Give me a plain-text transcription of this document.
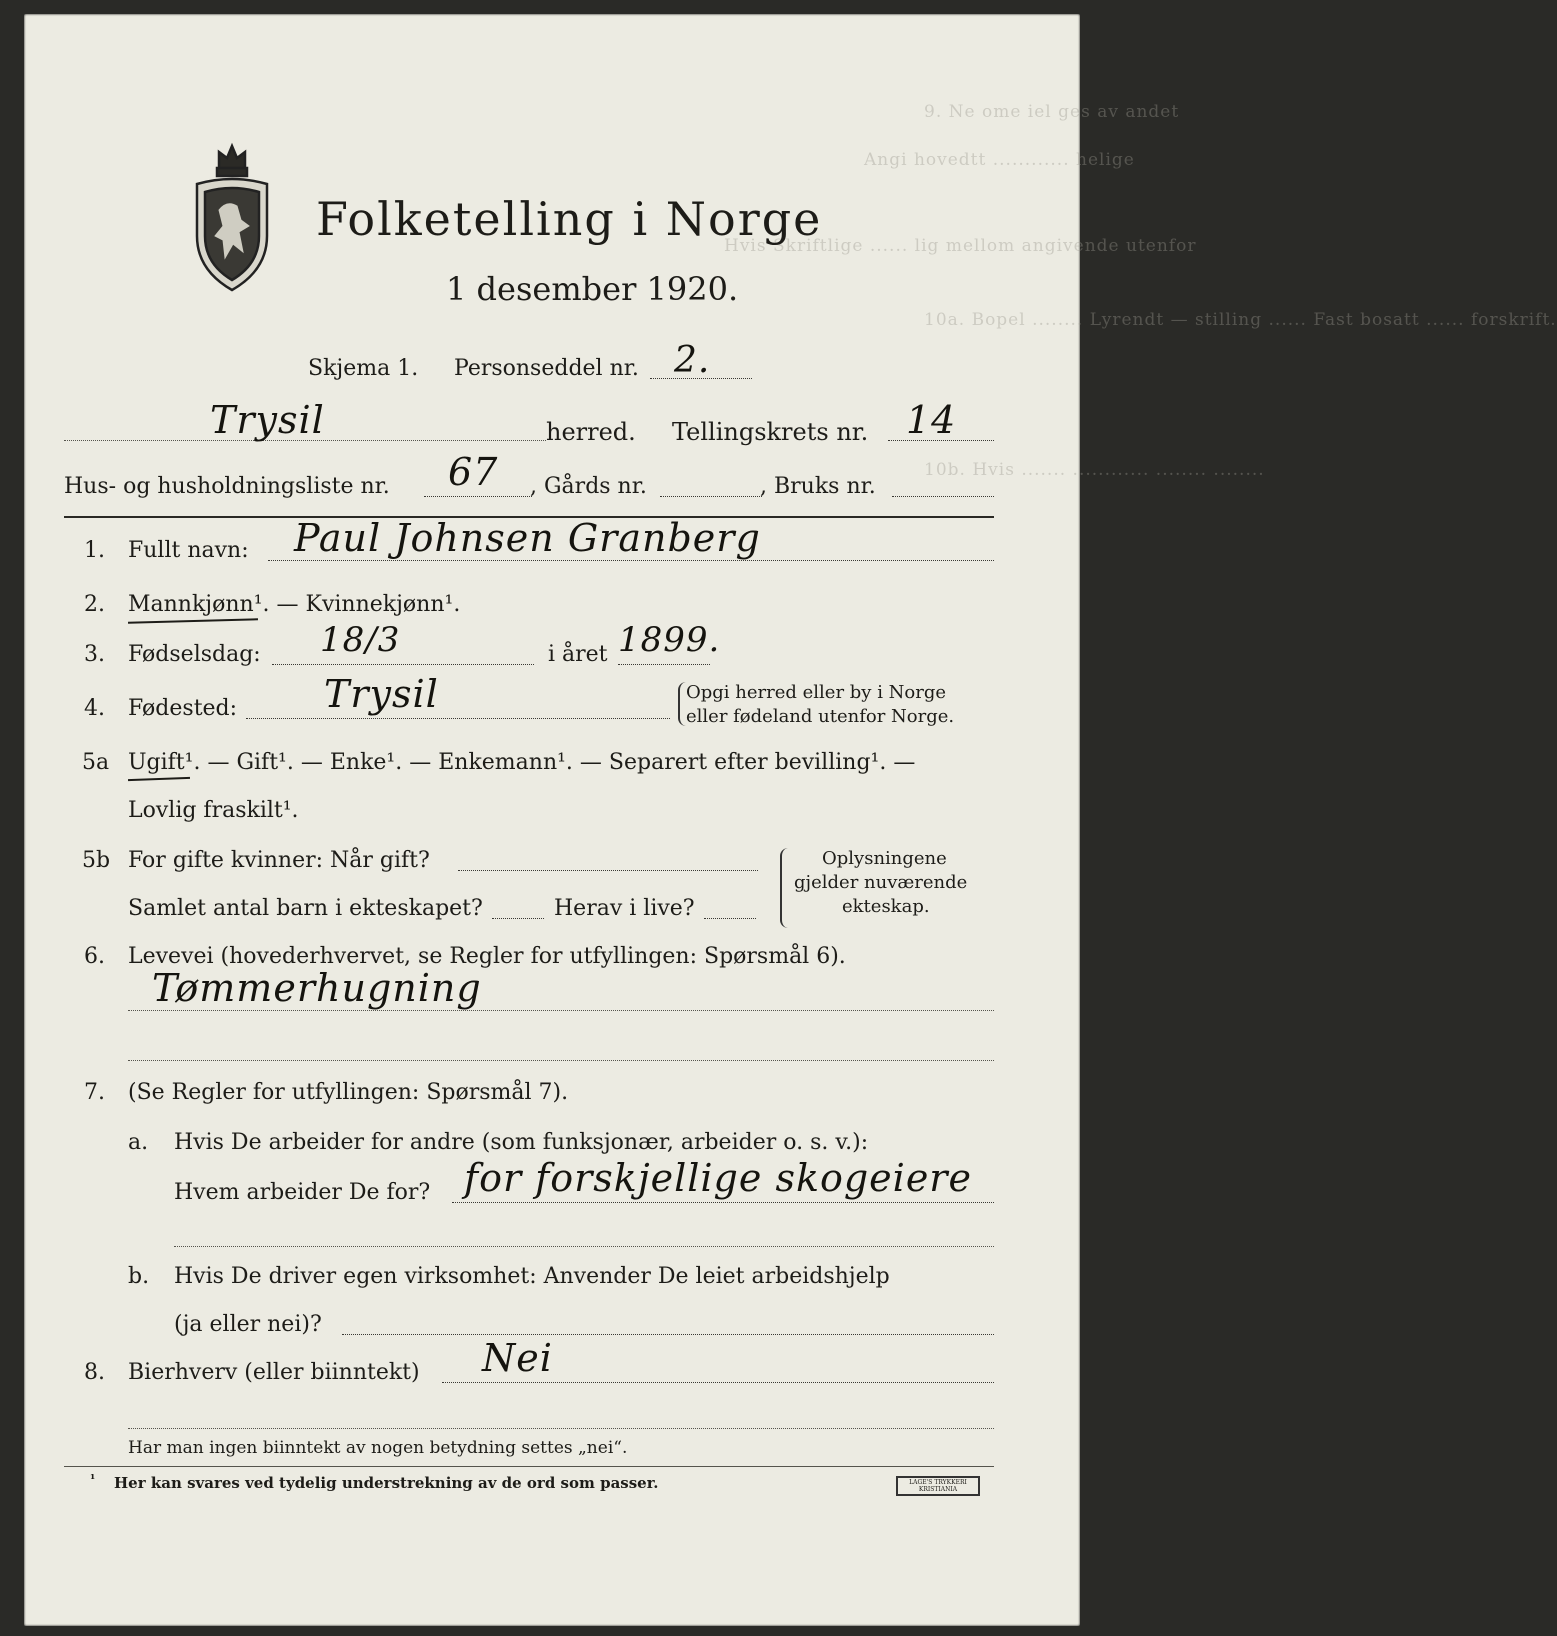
9. Ne ome iel ges av andet
Angi hovedtt ............ helige
Hvis Skriftlige ...... lig mellom angivende utenfor
10a. Bopel ........ Lyrendt — stilling ...... Fast bosatt ...... forskrift.
10b. Hvis ....... ............ ........ ........
Folketelling i Norge
1 desember 1920.
Skjema 1. Personseddel nr. 2.
Trysil	herred. Tellingskrets nr. 14
Hus- og husholdningsliste nr. 67 , Gårds nr.	, Bruks nr.
1. Fullt navn: Paul Johnsen Granberg
2. Mannkjønn¹. — Kvinnekjønn¹.
3. Fødselsdag: 18/3	i året 1899.
4. Fødested: Trysil	Opgi herred eller by i Norge
eller fødeland utenfor Norge.
5a Ugift¹. — Gift¹. — Enke¹. — Enkemann¹. — Separert efter bevilling¹. —
Lovlig fraskilt¹.
5b For gifte kvinner: Når gift?
Samlet antal barn i ekteskapet?	Herav i live?
Oplysningene
gjelder nuværende
ekteskap.
6. Levevei (hovederhvervet, se Regler for utfyllingen: Spørsmål 6).
Tømmerhugning
7. (Se Regler for utfyllingen: Spørsmål 7).
a. Hvis De arbeider for andre (som funksjonær, arbeider o. s. v.):
Hvem arbeider De for? for forskjellige skogeiere
b. Hvis De driver egen virksomhet: Anvender De leiet arbeidshjelp
(ja eller nei)?
8. Bierhverv (eller biinntekt) Nei
Har man ingen biinntekt av nogen betydning settes „nei“.
¹ Her kan svares ved tydelig understrekning av de ord som passer.	LAGE'S TRYKKERI KRISTIANIA
